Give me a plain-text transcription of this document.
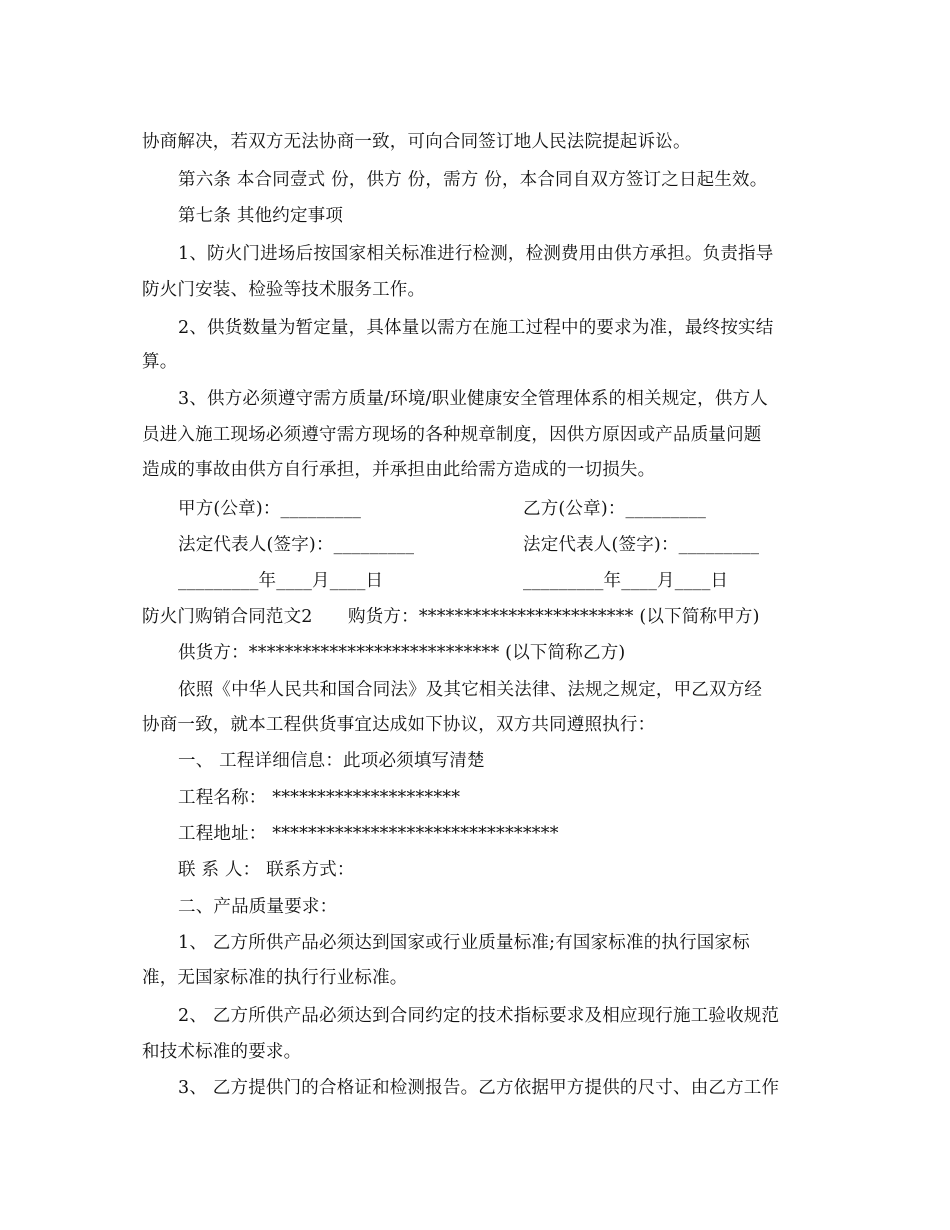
协商解决，若双方无法协商一致，可向合同签订地人民法院提起诉讼。
第六条 本合同壹式 份，供方 份，需方 份，本合同自双方签订之日起生效。
第七条 其他约定事项
1、防火门进场后按国家相关标准进行检测，检测费用由供方承担。负责指导
防火门安装、检验等技术服务工作。
2、供货数量为暂定量，具体量以需方在施工过程中的要求为准，最终按实结
算。
3、供方必须遵守需方质量/环境/职业健康安全管理体系的相关规定，供方人
员进入施工现场必须遵守需方现场的各种规章制度，因供方原因或产品质量问题
造成的事故由供方自行承担，并承担由此给需方造成的一切损失。
甲方(公章)：_________	乙方(公章)：_________
法定代表人(签字)：_________	法定代表人(签字)：_________
_________年____月____日	_________年____月____日
防火门购销合同范文2　　购货方：************************ (以下简称甲方)
供货方：**************************** (以下简称乙方)
依照《中华人民共和国合同法》及其它相关法律、法规之规定，甲乙双方经
协商一致，就本工程供货事宜达成如下协议，双方共同遵照执行：
一、 工程详细信息：此项必须填写清楚
工程名称： *********************
工程地址： ********************************
联 系 人： 联系方式：
二、产品质量要求：
1、 乙方所供产品必须达到国家或行业质量标准;有国家标准的执行国家标
准，无国家标准的执行行业标准。
2、 乙方所供产品必须达到合同约定的技术指标要求及相应现行施工验收规范
和技术标准的要求。
3、 乙方提供门的合格证和检测报告。乙方依据甲方提供的尺寸、由乙方工作
